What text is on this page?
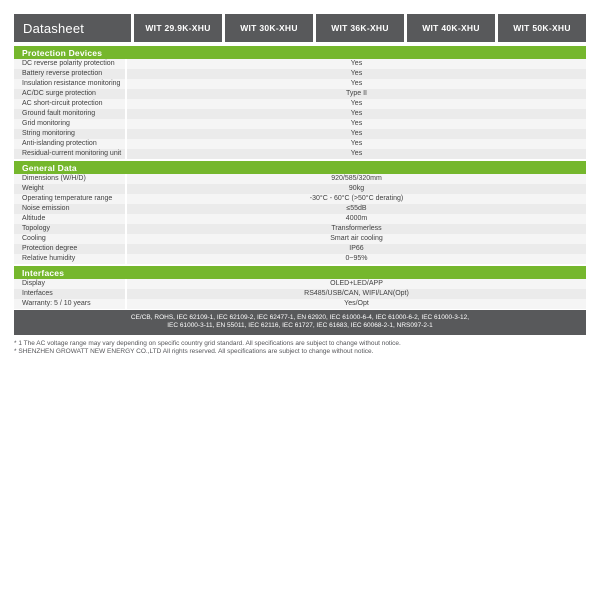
Datasheet	WIT 29.9K-XHU	WIT 30K-XHU	WIT 36K-XHU	WIT 40K-XHU	WIT 50K-XHU
Protection Devices
DC reverse polarity protection	Yes
Battery reverse protection	Yes
Insulation resistance monitoring	Yes
AC/DC surge protection	Type II
AC short-circuit protection	Yes
Ground fault monitoring	Yes
Grid monitoring	Yes
String monitoring	Yes
Anti-islanding protection	Yes
Residual-current monitoring unit	Yes
General Data
Dimensions (W/H/D)	920/585/320mm
Weight	90kg
Operating temperature range	-30°C - 60°C (>50°C derating)
Noise emission	≤55dB
Altitude	4000m
Topology	Transformerless
Cooling	Smart air cooling
Protection degree	IP66
Relative humidity	0~95%
Interfaces
Display	OLED+LED/APP
Interfaces	RS485/USB/CAN, WIFI/LAN(Opt)
Warranty: 5 / 10 years	Yes/Opt
CE/CB, ROHS, IEC 62109-1, IEC 62109-2, IEC 62477-1, EN 62920, IEC 61000-6-4, IEC 61000-6-2, IEC 61000-3-12,
IEC 61000-3-11, EN 55011, IEC 62116, IEC 61727, IEC 61683, IEC 60068-2-1, NRS097-2-1
* 1 The AC voltage range may vary depending on specific country grid standard. All specifications are subject to change without notice.
* SHENZHEN GROWATT NEW ENERGY CO.,LTD All rights reserved. All specifications are subject to change without notice.
